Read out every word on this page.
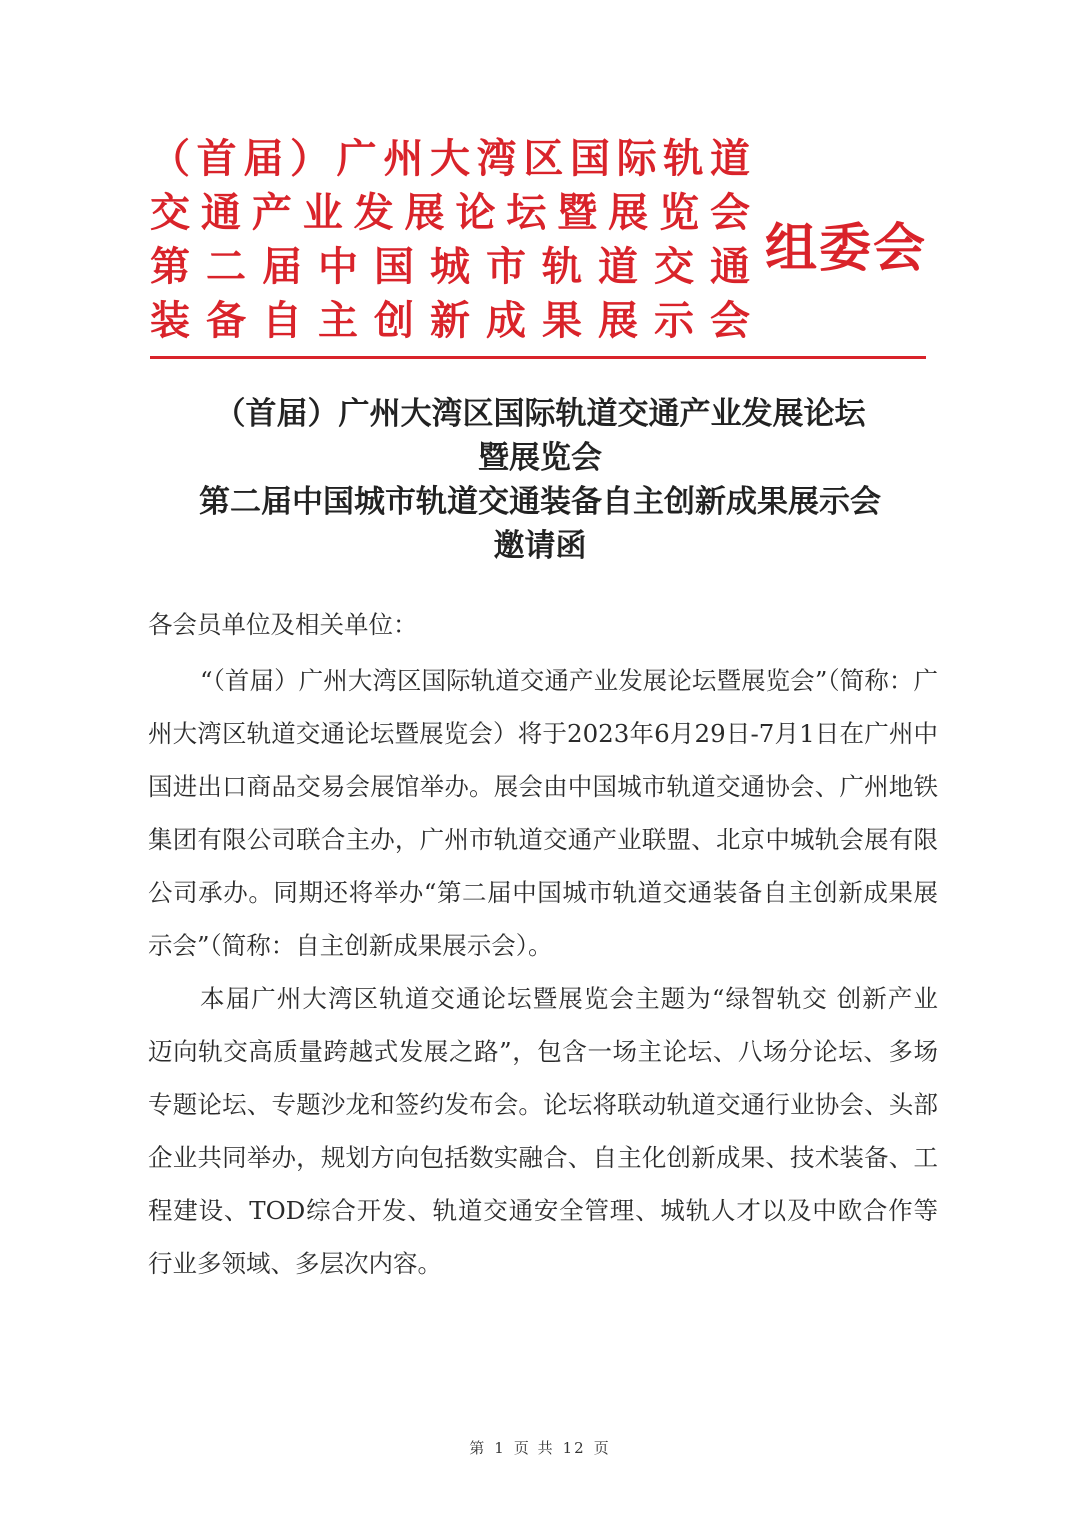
（首届）广州大湾区国际轨道
交通产业发展论坛暨展览会
第二届中国城市轨道交通
装备自主创新成果展示会
组委会
（首届）广州大湾区国际轨道交通产业发展论坛
暨展览会
第二届中国城市轨道交通装备自主创新成果展示会
邀请函

各会员单位及相关单位：

“（首届）广州大湾区国际轨道交通产业发展论坛暨展览会”（简称：广州大湾区轨道交通论坛暨展览会）将于2023年6月29日-7月1日在广州中国进出口商品交易会展馆举办。展会由中国城市轨道交通协会、广州地铁集团有限公司联合主办，广州市轨道交通产业联盟、北京中城轨会展有限公司承办。同期还将举办“第二届中国城市轨道交通装备自主创新成果展示会”（简称：自主创新成果展示会）。

本届广州大湾区轨道交通论坛暨展览会主题为“绿智轨交 创新产业 迈向轨交高质量跨越式发展之路”，包含一场主论坛、八场分论坛、多场专题论坛、专题沙龙和签约发布会。论坛将联动轨道交通行业协会、头部企业共同举办，规划方向包括数实融合、自主化创新成果、技术装备、工程建设、TOD综合开发、轨道交通安全管理、城轨人才以及中欧合作等行业多领域、多层次内容。

第 1 页 共 12 页
